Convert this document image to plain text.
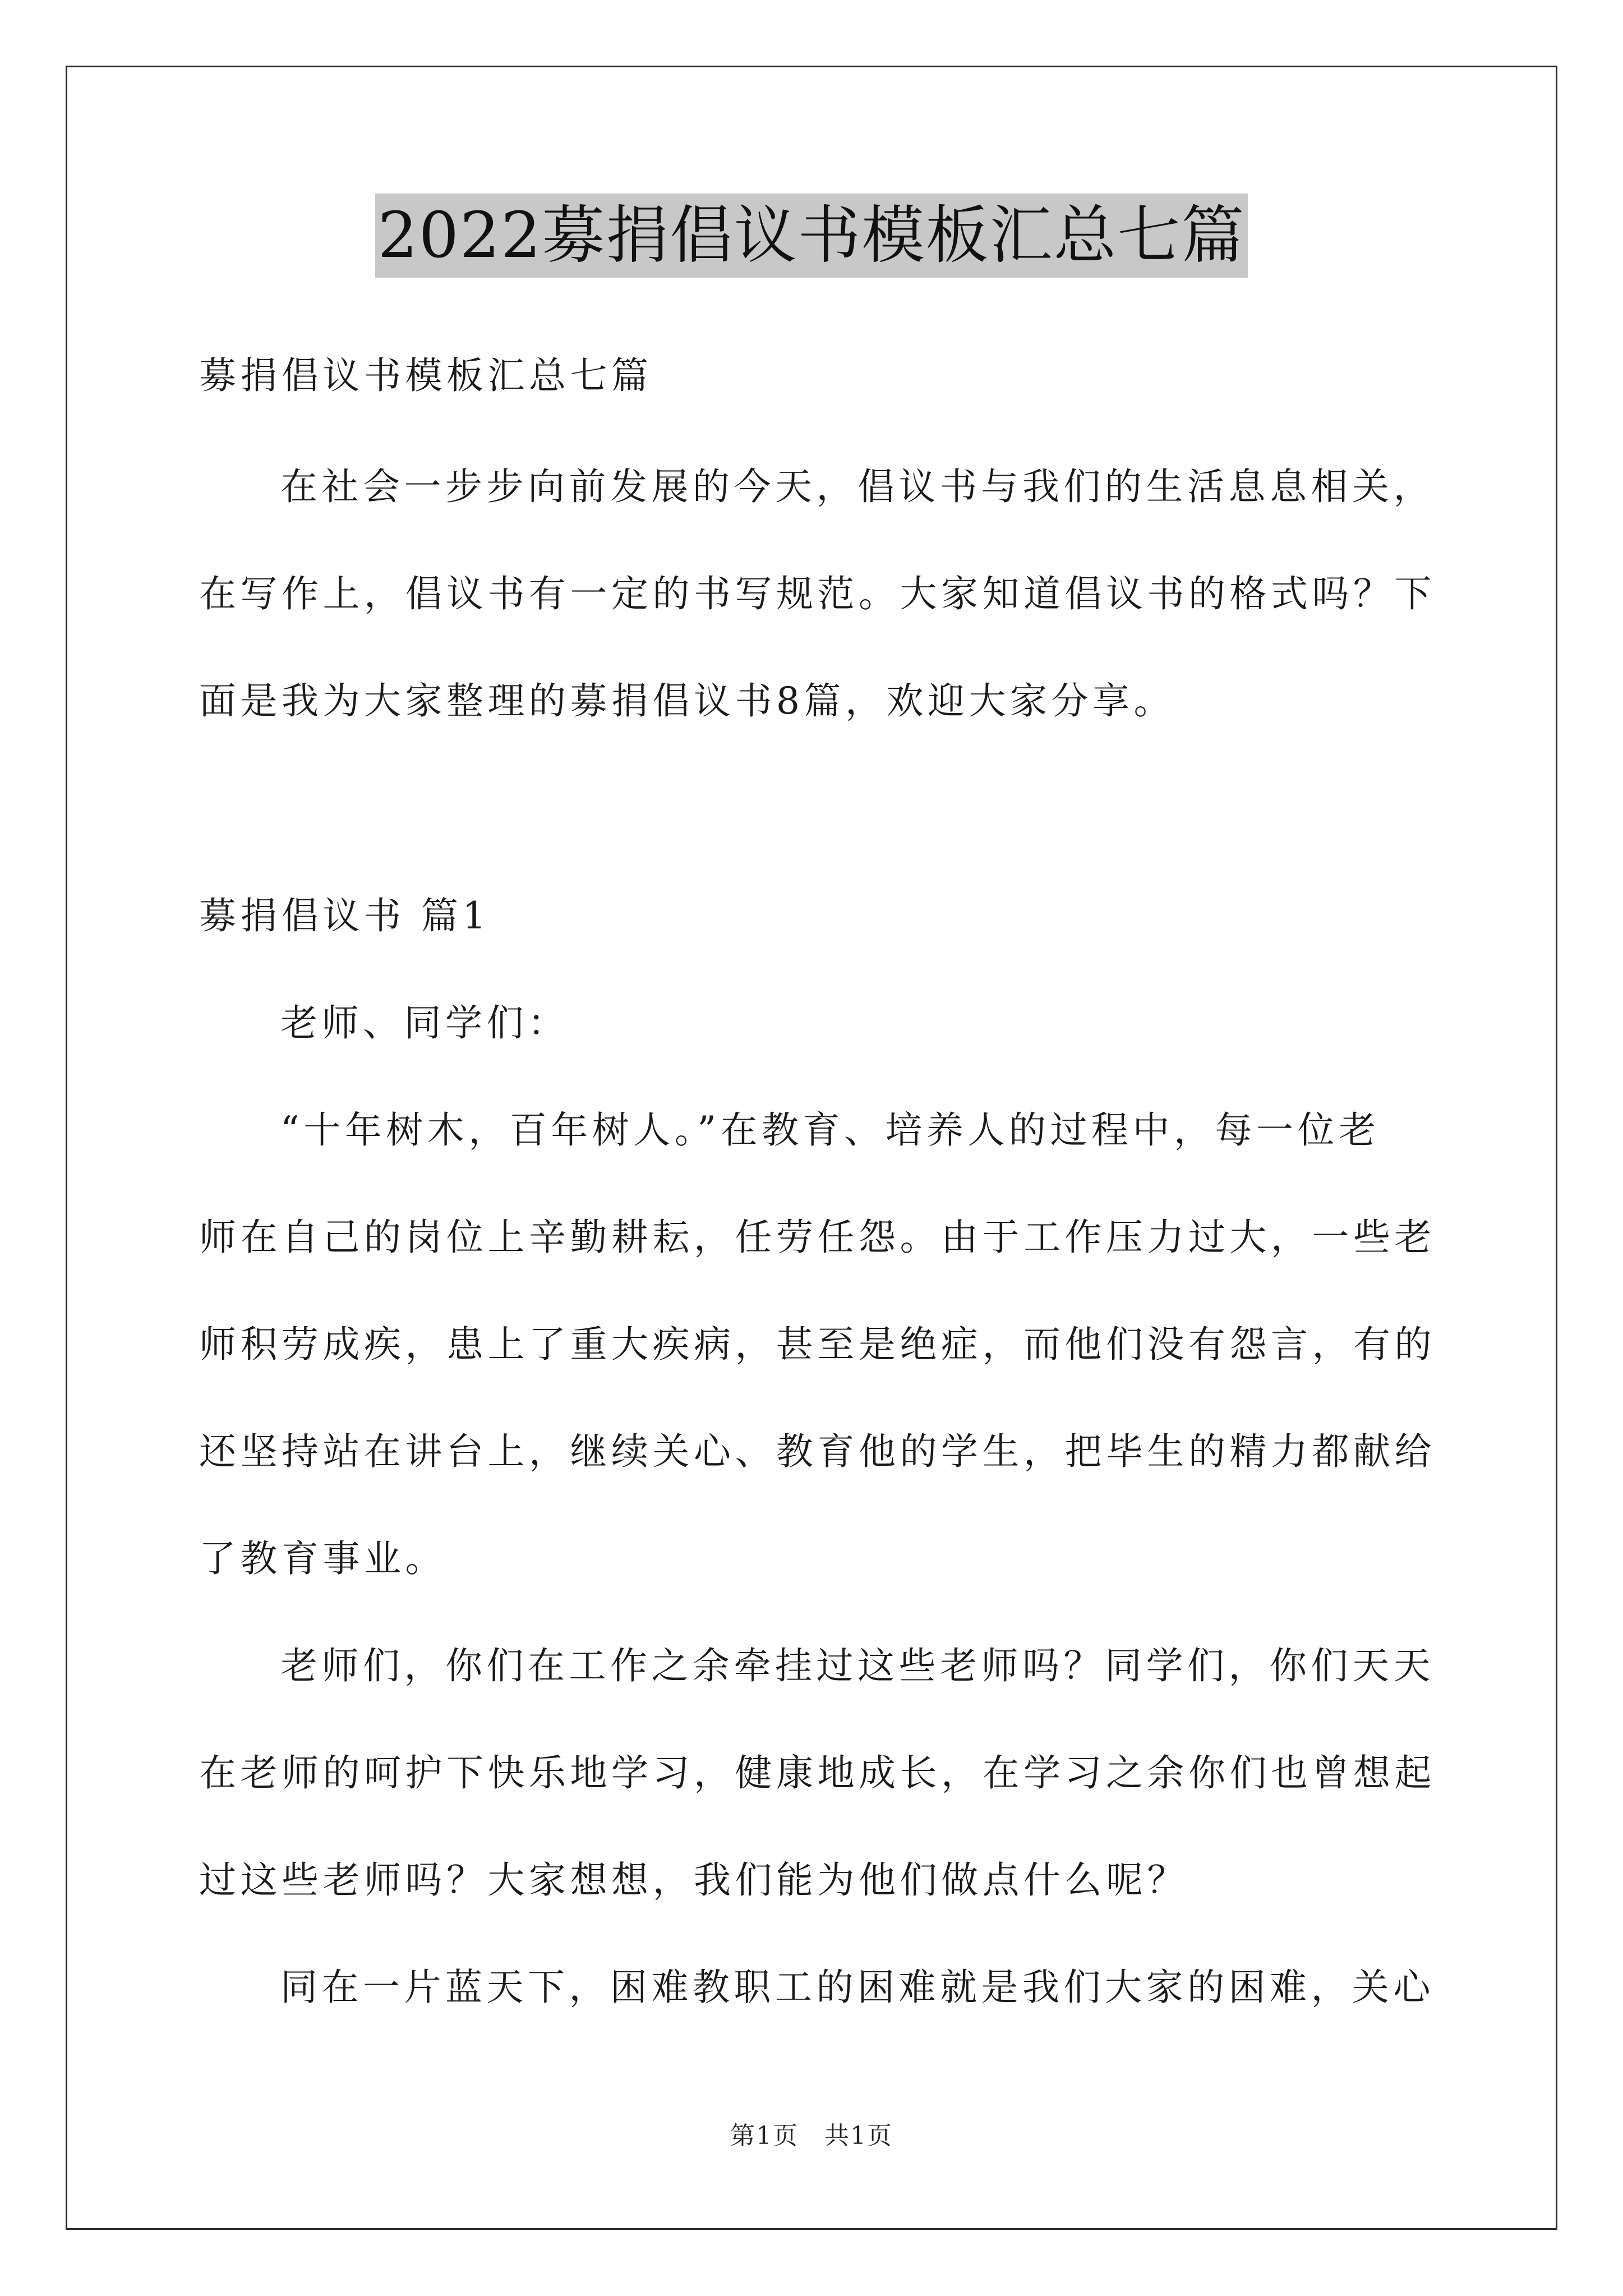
2022募捐倡议书模板汇总七篇
募捐倡议书模板汇总七篇
在社会一步步向前发展的今天，倡议书与我们的生活息息相关，
在写作上，倡议书有一定的书写规范。大家知道倡议书的格式吗？下
面是我为大家整理的募捐倡议书8篇，欢迎大家分享。
募捐倡议书 篇1
老师、同学们：
“十年树木，百年树人。”在教育、培养人的过程中，每一位老
师在自己的岗位上辛勤耕耘，任劳任怨。由于工作压力过大，一些老
师积劳成疾，患上了重大疾病，甚至是绝症，而他们没有怨言，有的
还坚持站在讲台上，继续关心、教育他的学生，把毕生的精力都献给
了教育事业。
老师们，你们在工作之余牵挂过这些老师吗？同学们，你们天天
在老师的呵护下快乐地学习，健康地成长，在学习之余你们也曾想起
过这些老师吗？大家想想，我们能为他们做点什么呢？
同在一片蓝天下，困难教职工的困难就是我们大家的困难，关心
第1页　共1页
